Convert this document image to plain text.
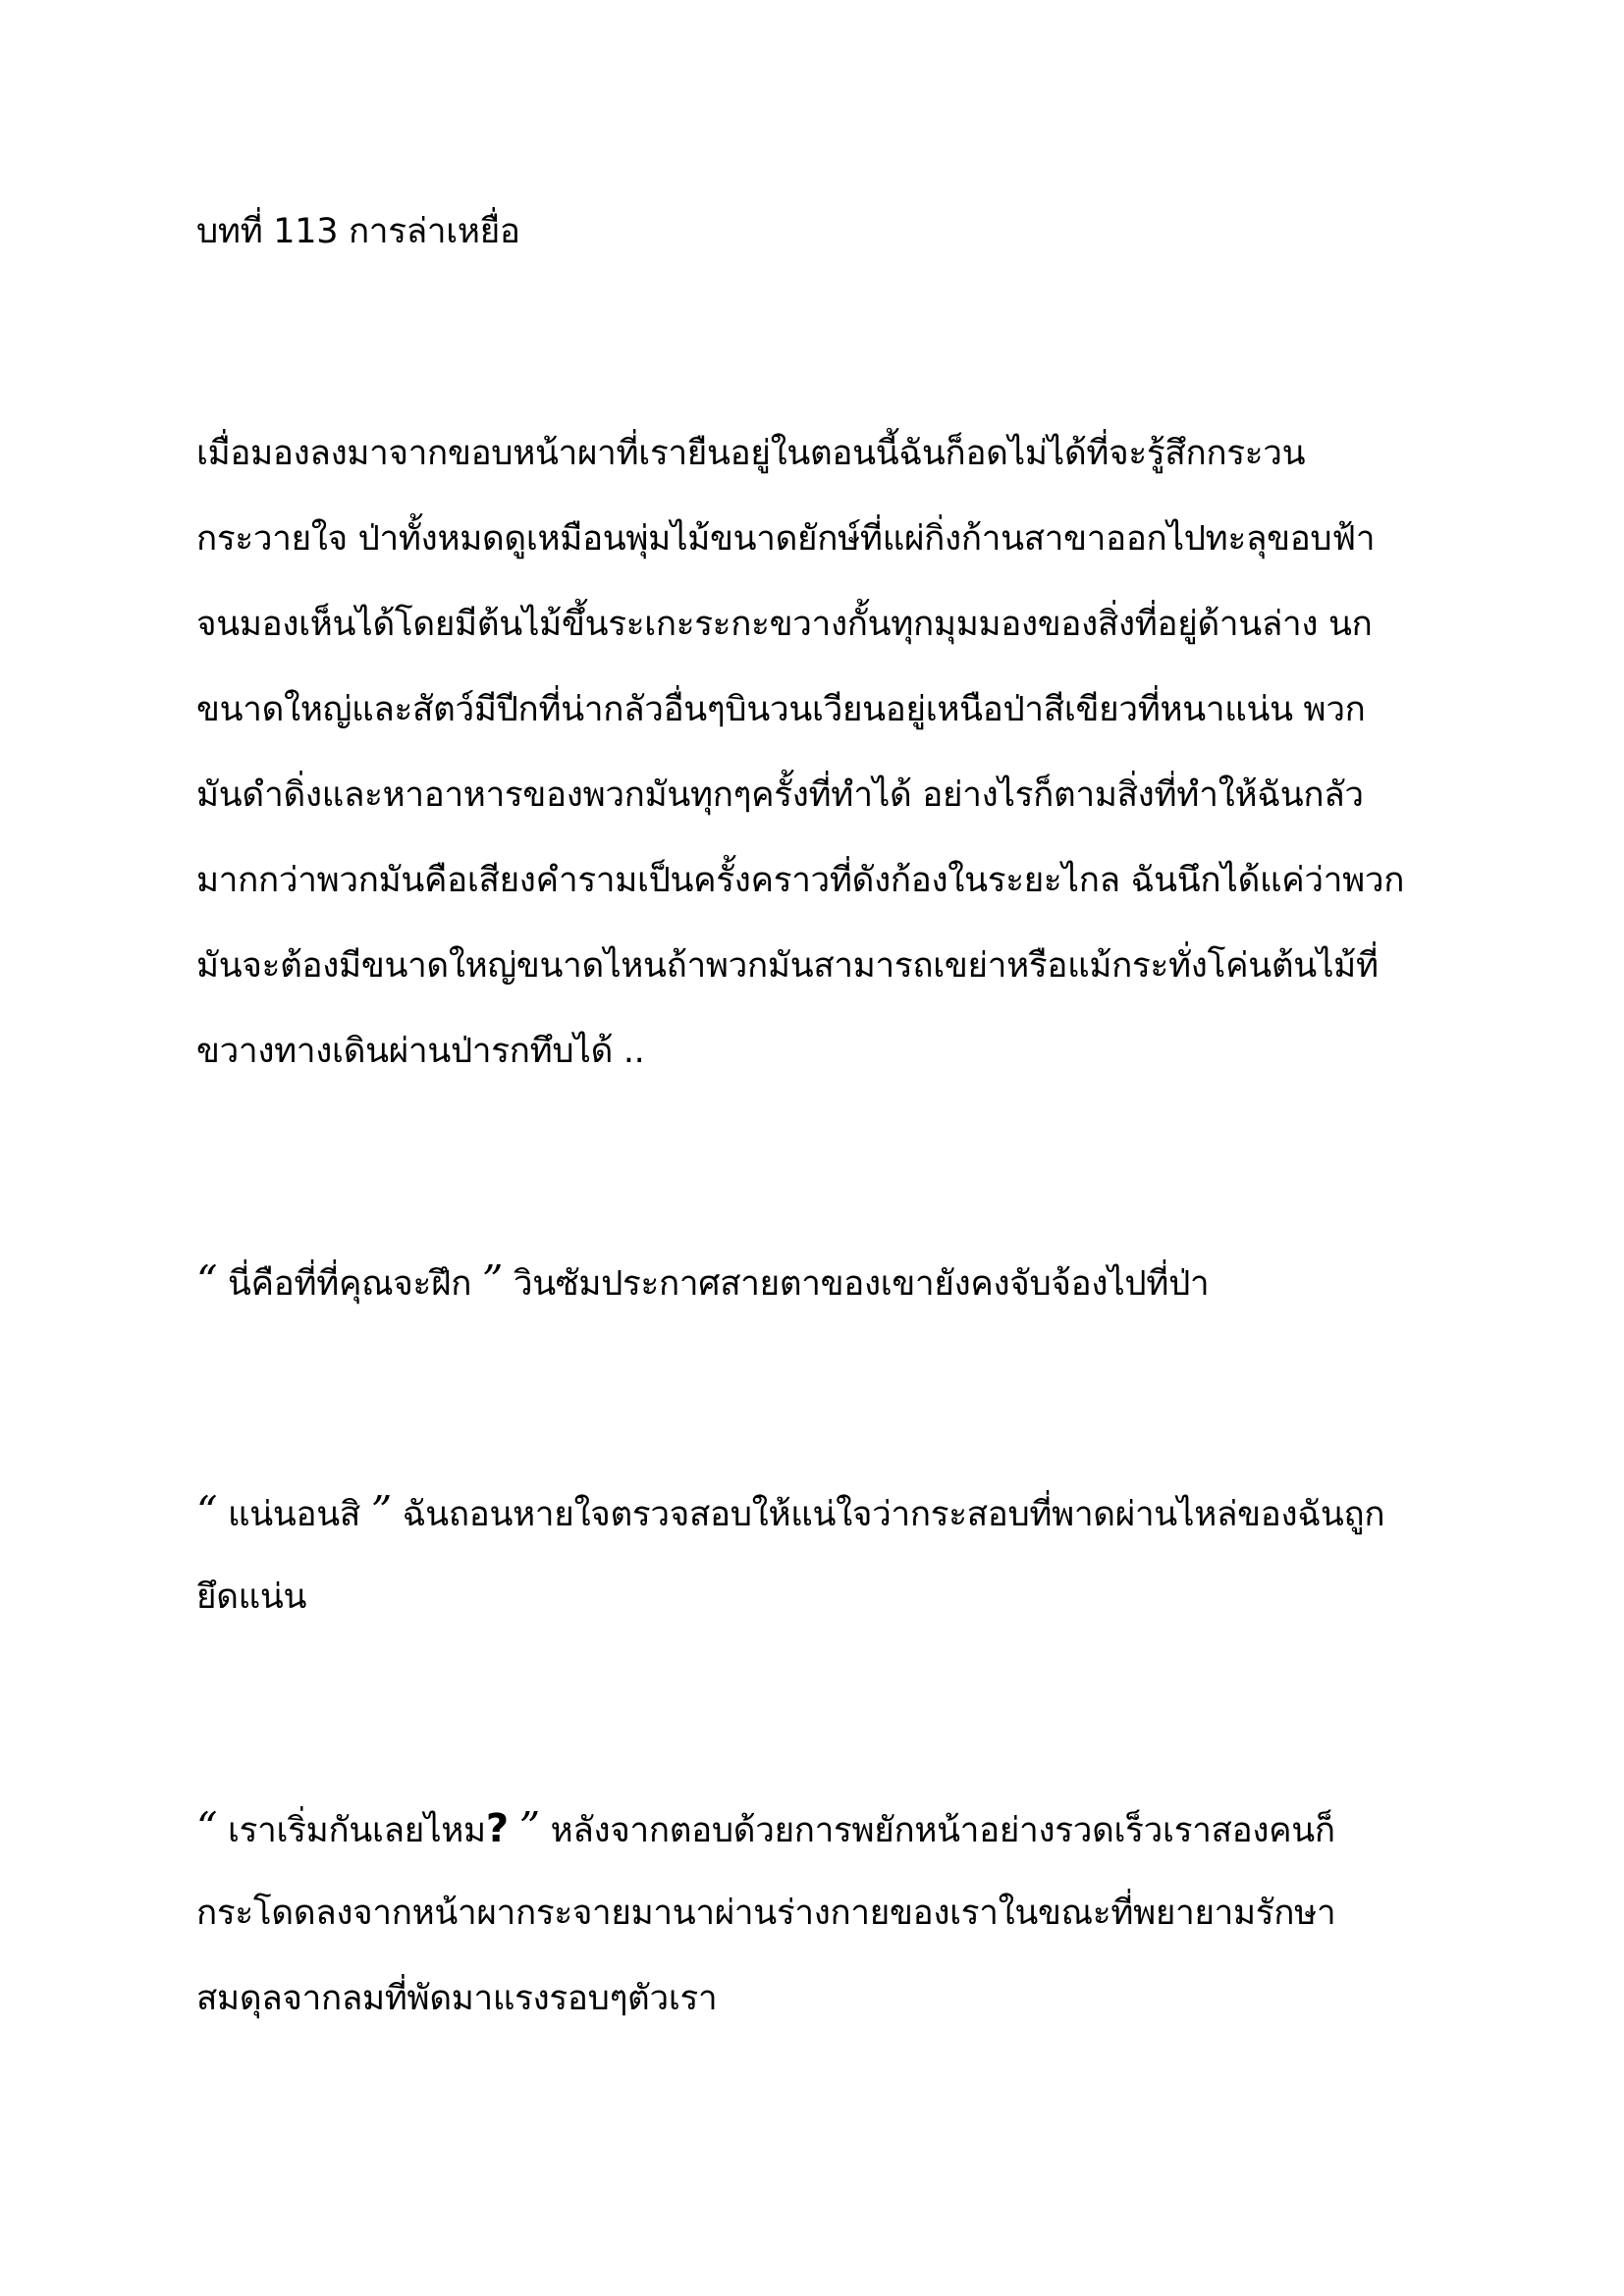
บทที่ 113 การล่าเหยื่อ

เมื่อมองลงมาจากขอบหน้าผาที่เรายืนอยู่ในตอนนี้ฉันก็อดไม่ได้ที่จะรู้สึกกระวน

กระวายใจ ป่าทั้งหมดดูเหมือนพุ่มไม้ขนาดยักษ์ที่แผ่กิ่งก้านสาขาออกไปทะลุขอบฟ้า

จนมองเห็นได้โดยมีต้นไม้ขึ้นระเกะระกะขวางกั้นทุกมุมมองของสิ่งที่อยู่ด้านล่าง นก

ขนาดใหญ่และสัตว์มีปีกที่น่ากลัวอื่นๆบินวนเวียนอยู่เหนือป่าสีเขียวที่หนาแน่น พวก

มันดำดิ่งและหาอาหารของพวกมันทุกๆครั้งที่ทำได้ อย่างไรก็ตามสิ่งที่ทำให้ฉันกลัว

มากกว่าพวกมันคือเสียงคำรามเป็นครั้งคราวที่ดังก้องในระยะไกล ฉันนึกได้แค่ว่าพวก

มันจะต้องมีขนาดใหญ่ขนาดไหนถ้าพวกมันสามารถเขย่าหรือแม้กระทั่งโค่นต้นไม้ที่

ขวางทางเดินผ่านป่ารกทึบได้ ..

“ นี่คือที่ที่คุณจะฝึก ” วินซัมประกาศสายตาของเขายังคงจับจ้องไปที่ป่า

“ แน่นอนสิ ” ฉันถอนหายใจตรวจสอบให้แน่ใจว่ากระสอบที่พาดผ่านไหล่ของฉันถูก

ยึดแน่น

“ เราเริ่มกันเลยไหม? ” หลังจากตอบด้วยการพยักหน้าอย่างรวดเร็วเราสองคนก็

กระโดดลงจากหน้าผากระจายมานาผ่านร่างกายของเราในขณะที่พยายามรักษา

สมดุลจากลมที่พัดมาแรงรอบๆตัวเรา
